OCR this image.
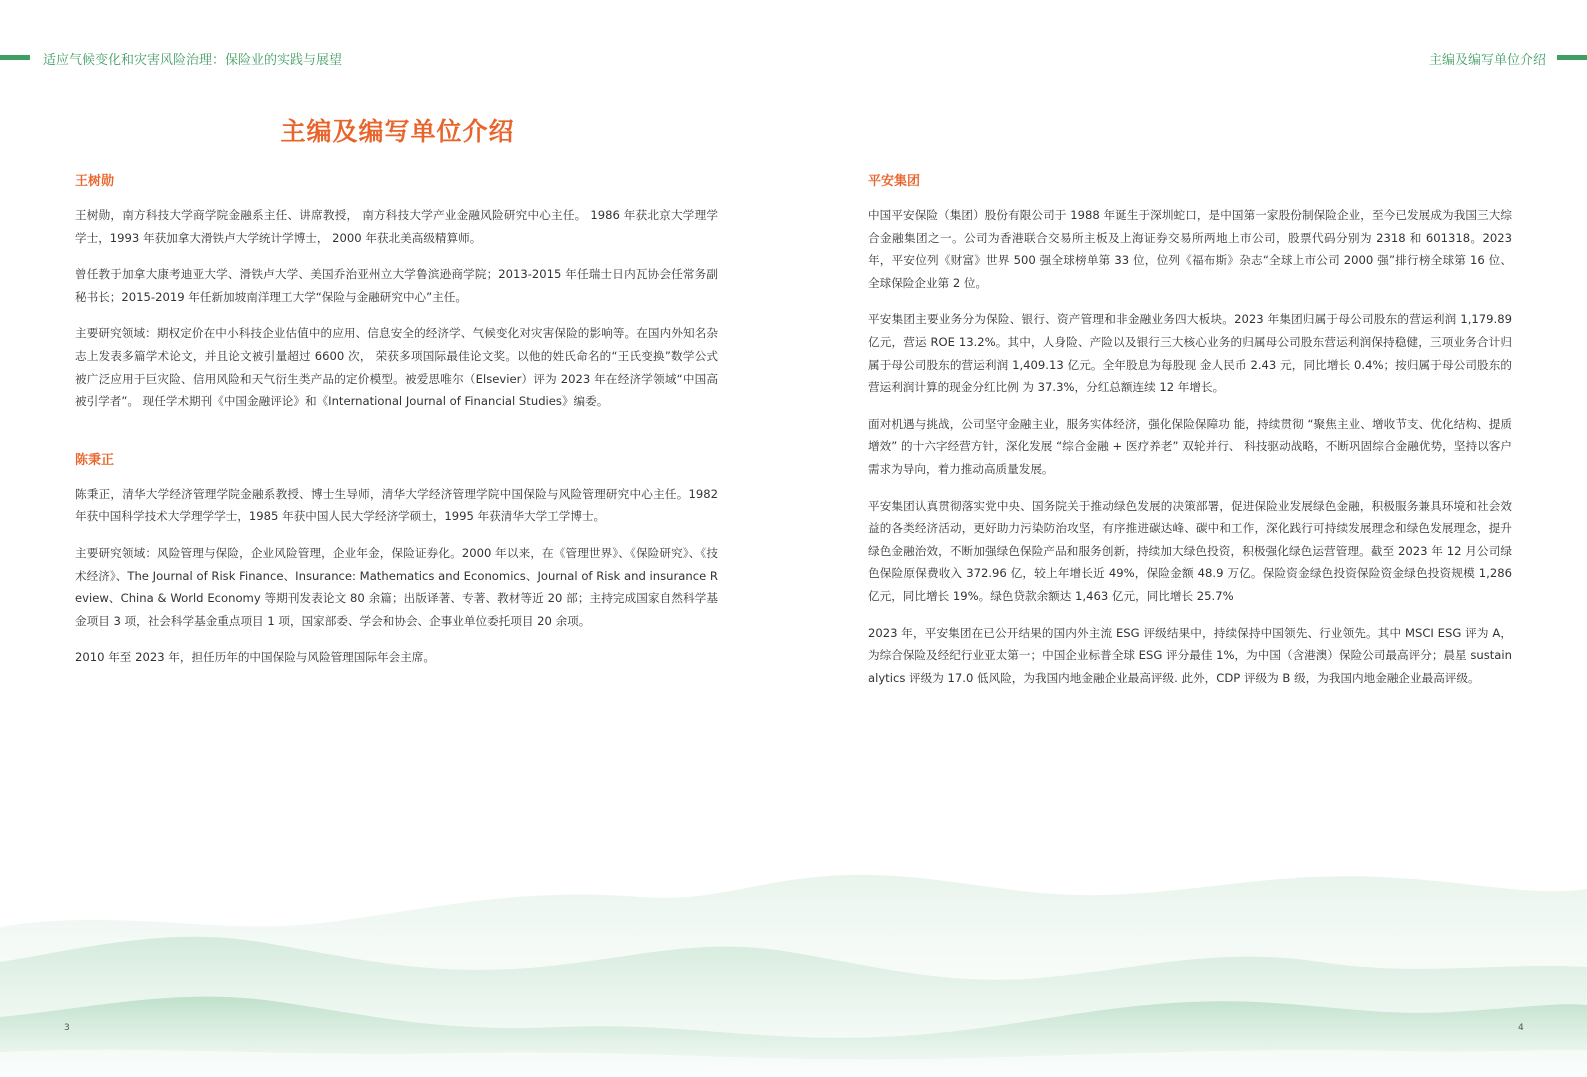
适应气候变化和灾害风险治理：保险业的实践与展望	主编及编写单位介绍
主编及编写单位介绍
王树勋

王树勋，南方科技大学商学院金融系主任、讲席教授， 南方科技大学产业金融风险研究中心主任。 1986 年获北京大学理学学士，1993 年获加拿大滑铁卢大学统计学博士， 2000 年获北美高级精算师。

曾任教于加拿大康考迪亚大学、滑铁卢大学、美国乔治亚州立大学鲁滨逊商学院；2013-2015 年任瑞士日内瓦协会任常务副秘书长；2015-2019 年任新加坡南洋理工大学“保险与金融研究中心”主任。

主要研究领域：期权定价在中小科技企业估值中的应用、信息安全的经济学、气候变化对灾害保险的影响等。在国内外知名杂志上发表多篇学术论文，并且论文被引量超过 6600 次， 荣获多项国际最佳论文奖。以他的姓氏命名的“王氏变换”数学公式被广泛应用于巨灾险、信用风险和天气衍生类产品的定价模型。被爱思唯尔（Elsevier）评为 2023 年在经济学领域“中国高被引学者”。 现任学术期刊《中国金融评论》和《International Journal of Financial Studies》编委。

陈秉正

陈秉正，清华大学经济管理学院金融系教授、博士生导师，清华大学经济管理学院中国保险与风险管理研究中心主任。1982 年获中国科学技术大学理学学士，1985 年获中国人民大学经济学硕士，1995 年获清华大学工学博士。

主要研究领域：风险管理与保险，企业风险管理，企业年金，保险证券化。2000 年以来，在《管理世界》、《保险研究》、《技术经济》、The Journal of Risk Finance、Insurance: Mathematics and Economics、Journal of Risk and insurance Review、China & World Economy 等期刊发表论文 80 余篇；出版译著、专著、教材等近 20 部；主持完成国家自然科学基金项目 3 项，社会科学基金重点项目 1 项，国家部委、学会和协会、企事业单位委托项目 20 余项。

2010 年至 2023 年，担任历年的中国保险与风险管理国际年会主席。

平安集团

中国平安保险（集团）股份有限公司于 1988 年诞生于深圳蛇口，是中国第一家股份制保险企业，至今已发展成为我国三大综合金融集团之一。公司为香港联合交易所主板及上海证券交易所两地上市公司，股票代码分别为 2318 和 601318。2023 年，平安位列《财富》世界 500 强全球榜单第 33 位，位列《福布斯》杂志“全球上市公司 2000 强”排行榜全球第 16 位、全球保险企业第 2 位。

平安集团主要业务分为保险、银行、资产管理和非金融业务四大板块。2023 年集团归属于母公司股东的营运利润 1,179.89 亿元，营运 ROE 13.2%。其中，人身险、产险以及银行三大核心业务的归属母公司股东营运利润保持稳健，三项业务合计归属于母公司股东的营运利润 1,409.13 亿元。全年股息为每股现 金人民币 2.43 元，同比增长 0.4%；按归属于母公司股东的营运利润计算的现金分红比例 为 37.3%，分红总额连续 12 年增长。

面对机遇与挑战，公司坚守金融主业，服务实体经济，强化保险保障功 能，持续贯彻 “聚焦主业、增收节支、优化结构、提质增效” 的十六字经营方针，深化发展 “综合金融 + 医疗养老” 双轮并行、 科技驱动战略，不断巩固综合金融优势，坚持以客户需求为导向，着力推动高质量发展。

平安集团认真贯彻落实党中央、国务院关于推动绿色发展的决策部署，促进保险业发展绿色金融，积极服务兼具环境和社会效益的各类经济活动，更好助力污染防治攻坚，有序推进碳达峰、碳中和工作，深化践行可持续发展理念和绿色发展理念，提升绿色金融治效，不断加强绿色保险产品和服务创新，持续加大绿色投资，积极强化绿色运营管理。截至 2023 年 12 月公司绿色保险原保费收入 372.96 亿，较上年增长近 49%，保险金额 48.9 万亿。保险资金绿色投资保险资金绿色投资规模 1,286 亿元，同比增长 19%。绿色贷款余额达 1,463 亿元，同比增长 25.7%

2023 年，平安集团在已公开结果的国内外主流 ESG 评级结果中，持续保持中国领先、行业领先。其中 MSCI ESG 评为 A，为综合保险及经纪行业亚太第一；中国企业标普全球 ESG 评分最佳 1%，为中国（含港澳）保险公司最高评分；晨星 sustainalytics 评级为 17.0 低风险，为我国内地金融企业最高评级. 此外，CDP 评级为 B 级，为我国内地金融企业最高评级。

3	4
